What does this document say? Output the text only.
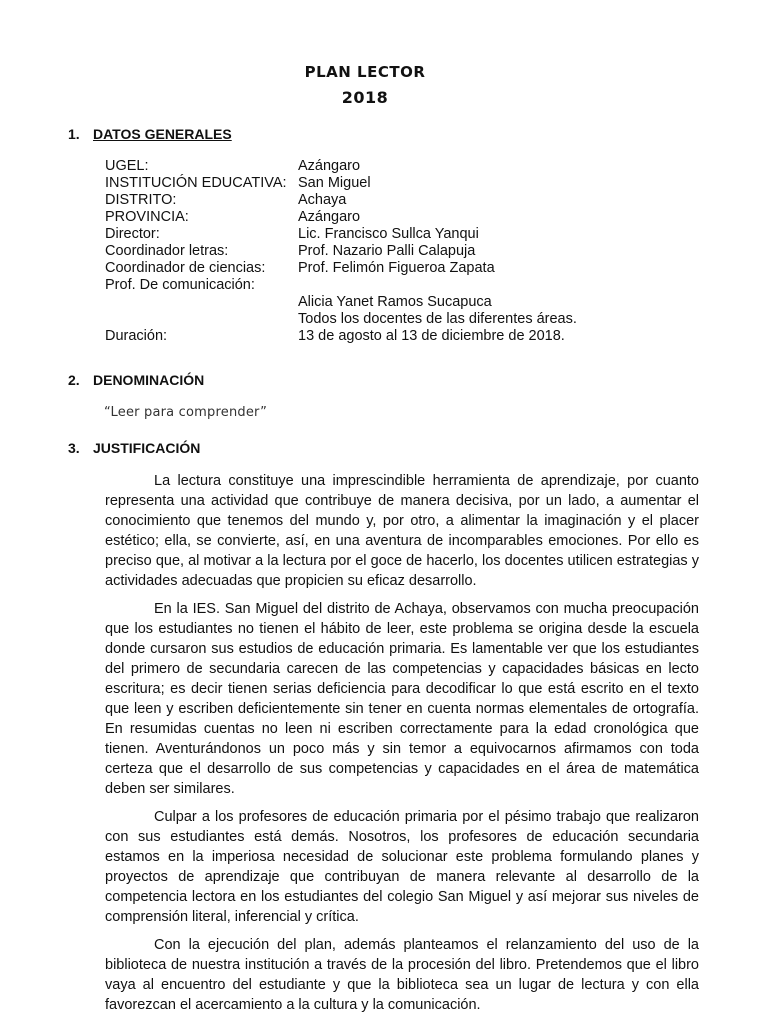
PLAN LECTOR
2018
1. DATOS GENERALES
UGEL:	Azángaro
INSTITUCIÓN EDUCATIVA: San Miguel
DISTRITO:	Achaya
PROVINCIA:	Azángaro
Director:	Lic. Francisco Sullca Yanqui
Coordinador letras:	Prof. Nazario Palli Calapuja
Coordinador de ciencias:	Prof. Felimón Figueroa Zapata
Prof. De comunicación:
Alicia Yanet Ramos Sucapuca
Todos los docentes de las diferentes áreas.
Duración:	13 de agosto al 13 de diciembre de 2018.
2. DENOMINACIÓN
“Leer para comprender”
3. JUSTIFICACIÓN

La lectura constituye una imprescindible herramienta de aprendizaje, por cuanto representa una actividad que contribuye de manera decisiva, por un lado, a aumentar el conocimiento que tenemos del mundo y, por otro, a alimentar la imaginación y el placer estético; ella, se convierte, así, en una aventura de incomparables emociones. Por ello es preciso que, al motivar a la lectura por el goce de hacerlo, los docentes utilicen estrategias y actividades adecuadas que propicien su eficaz desarrollo.

En la IES. San Miguel del distrito de Achaya, observamos con mucha preocupación que los estudiantes no tienen el hábito de leer, este problema se origina desde la escuela donde cursaron sus estudios de educación primaria. Es lamentable ver que los estudiantes del primero de secundaria carecen de las competencias y capacidades básicas en lecto escritura; es decir tienen serias deficiencia para decodificar lo que está escrito en el texto que leen y escriben deficientemente sin tener en cuenta normas elementales de ortografía. En resumidas cuentas no leen ni escriben correctamente para la edad cronológica que tienen. Aventurándonos un poco más y sin temor a equivocarnos afirmamos con toda certeza que el desarrollo de sus competencias y capacidades en el área de matemática deben ser similares.

Culpar a los profesores de educación primaria por el pésimo trabajo que realizaron con sus estudiantes está demás. Nosotros, los profesores de educación secundaria estamos en la imperiosa necesidad de solucionar este problema formulando planes y proyectos de aprendizaje que contribuyan de manera relevante al desarrollo de la competencia lectora en los estudiantes del colegio San Miguel y así mejorar sus niveles de comprensión literal, inferencial y crítica.

Con la ejecución del plan, además planteamos el relanzamiento del uso de la biblioteca de nuestra institución a través de la procesión del libro. Pretendemos que el libro vaya al encuentro del estudiante y que la biblioteca sea un lugar de lectura y con ella favorezcan el acercamiento a la cultura y la comunicación.
